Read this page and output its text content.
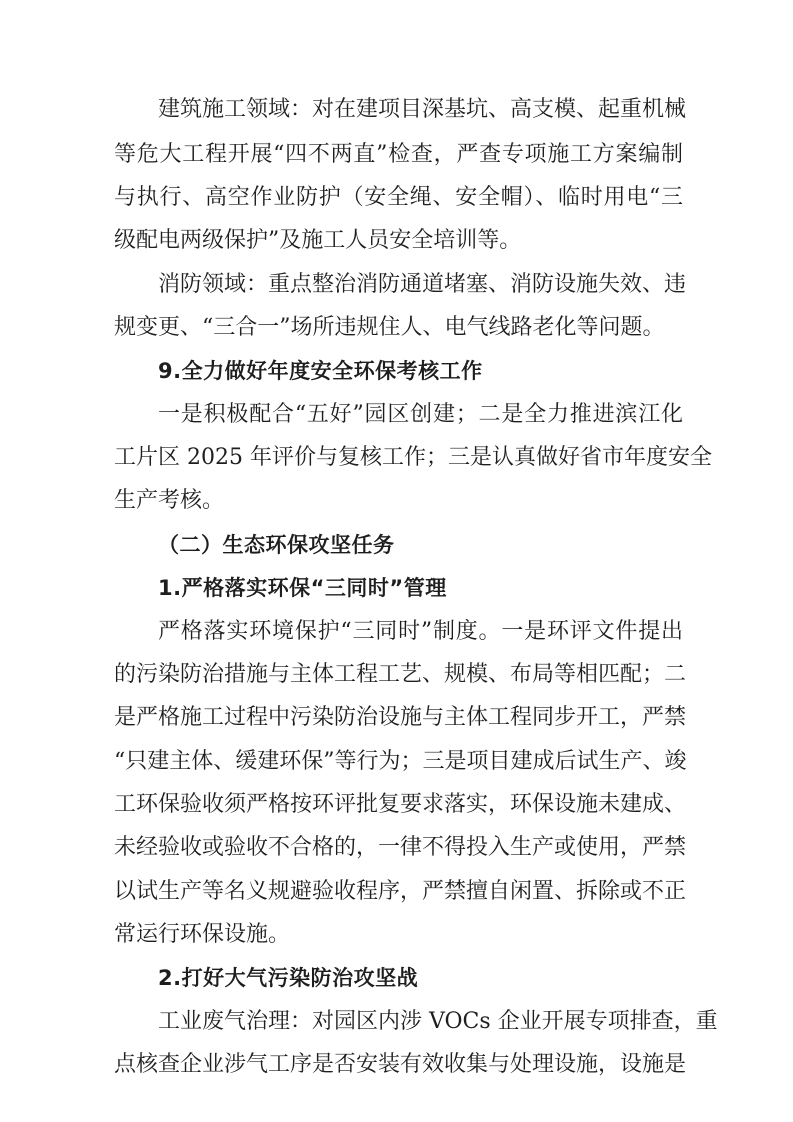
建筑施工领域：对在建项目深基坑、高支模、起重机械
等危大工程开展“四不两直”检查，严查专项施工方案编制
与执行、高空作业防护（安全绳、安全帽）、临时用电“三
级配电两级保护”及施工人员安全培训等。
消防领域：重点整治消防通道堵塞、消防设施失效、违
规变更、“三合一”场所违规住人、电气线路老化等问题。
9.全力做好年度安全环保考核工作
一是积极配合“五好”园区创建；二是全力推进滨江化
工片区 2025 年评价与复核工作；三是认真做好省市年度安全
生产考核。
（二）生态环保攻坚任务
1.严格落实环保“三同时”管理
严格落实环境保护“三同时”制度。一是环评文件提出
的污染防治措施与主体工程工艺、规模、布局等相匹配；二
是严格施工过程中污染防治设施与主体工程同步开工，严禁
“只建主体、缓建环保”等行为；三是项目建成后试生产、竣
工环保验收须严格按环评批复要求落实，环保设施未建成、
未经验收或验收不合格的，一律不得投入生产或使用，严禁
以试生产等名义规避验收程序，严禁擅自闲置、拆除或不正
常运行环保设施。
2.打好大气污染防治攻坚战
工业废气治理：对园区内涉 VOCs 企业开展专项排查，重
点核查企业涉气工序是否安装有效收集与处理设施，设施是
